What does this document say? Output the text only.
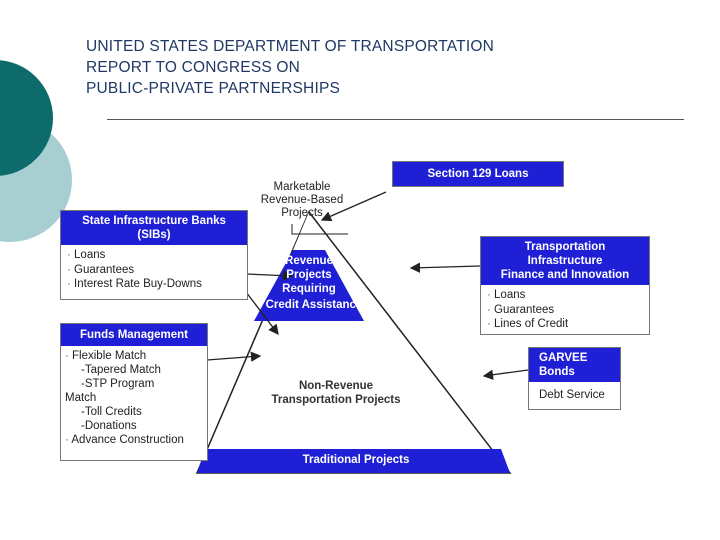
UNITED STATES DEPARTMENT OF TRANSPORTATION
REPORT TO CONGRESS ON
PUBLIC-PRIVATE PARTNERSHIPS
Marketable
Revenue-Based
Projects
Section 129 Loans
State Infrastructure Banks
(SIBs)
· Loans
· Guarantees
· Interest Rate Buy-Downs
Transportation
Infrastructure
Finance and Innovation
· Loans
· Guarantees
· Lines of Credit
Funds Management
· Flexible Match
-Tapered Match
-STP Program
Match
-Toll Credits
-Donations
· Advance Construction
GARVEE
Bonds
Debt Service
Revenue
Projects
Requiring
Credit Assistance
Non-Revenue
Transportation Projects
Traditional Projects
